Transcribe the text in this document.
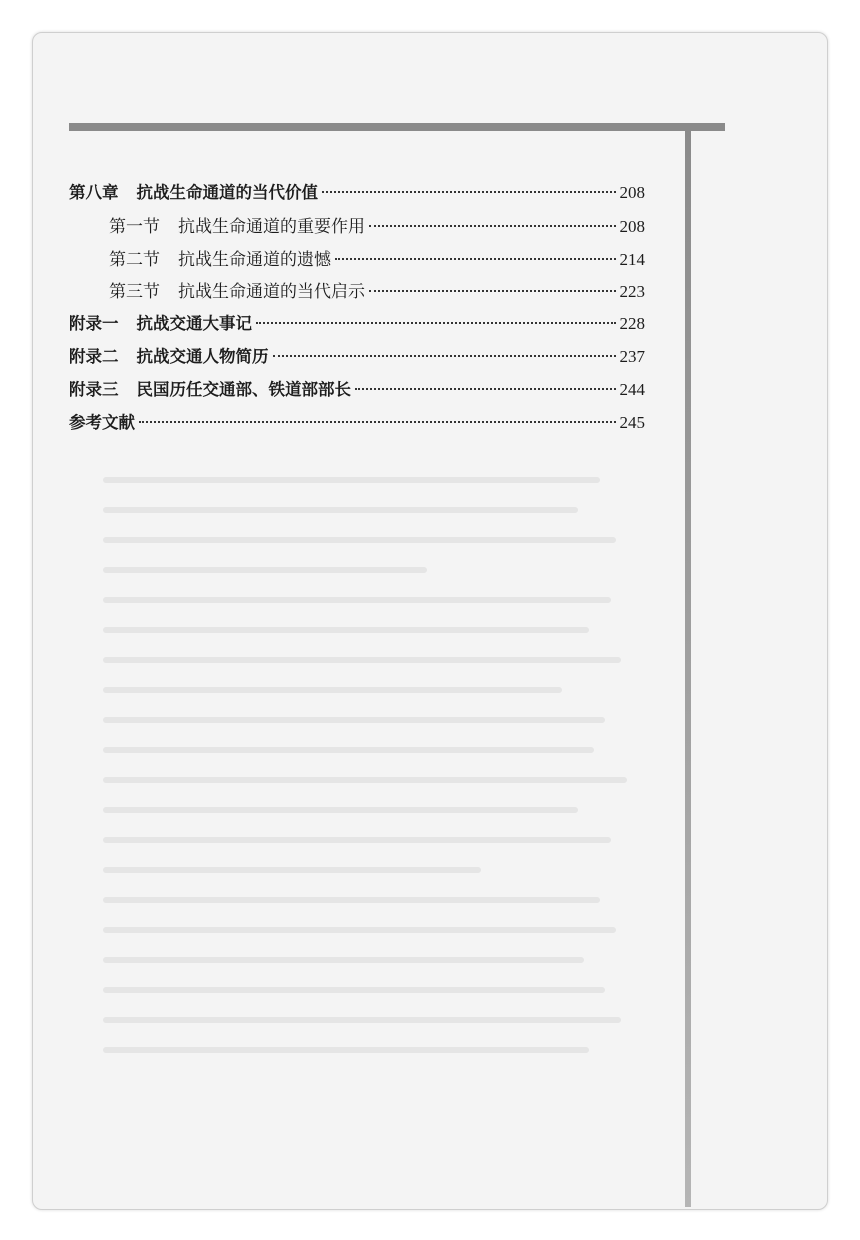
第八章 抗战生命通道的当代价值	208
第一节 抗战生命通道的重要作用	208
第二节 抗战生命通道的遗憾	214
第三节 抗战生命通道的当代启示	223
附录一 抗战交通大事记	228
附录二 抗战交通人物简历	237
附录三 民国历任交通部、铁道部部长	244
参考文献	245
